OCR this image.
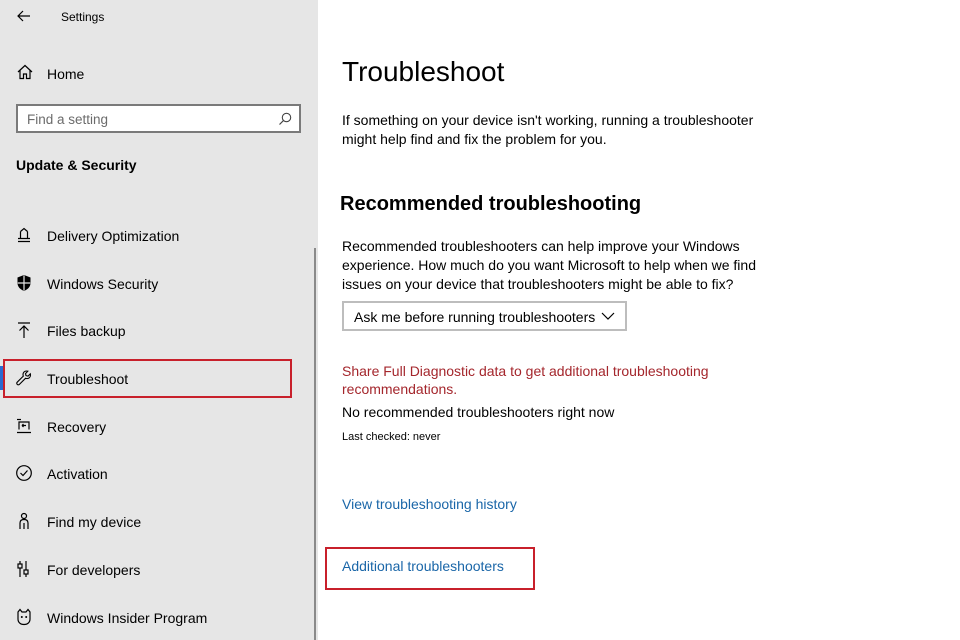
Settings
Home
Find a setting
Update & Security
Delivery Optimization
Windows Security
Files backup
Troubleshoot
Recovery
Activation
Find my device
For developers
Windows Insider Program
Troubleshoot

If something on your device isn't working, running a troubleshooter might help find and fix the problem for you.

Recommended troubleshooting

Recommended troubleshooters can help improve your Windows experience. How much do you want Microsoft to help when we find issues on your device that troubleshooters might be able to fix?

Ask me before running troubleshooters
Share Full Diagnostic data to get additional troubleshooting recommendations.
No recommended troubleshooters right now
Last checked: never
View troubleshooting history
Additional troubleshooters
